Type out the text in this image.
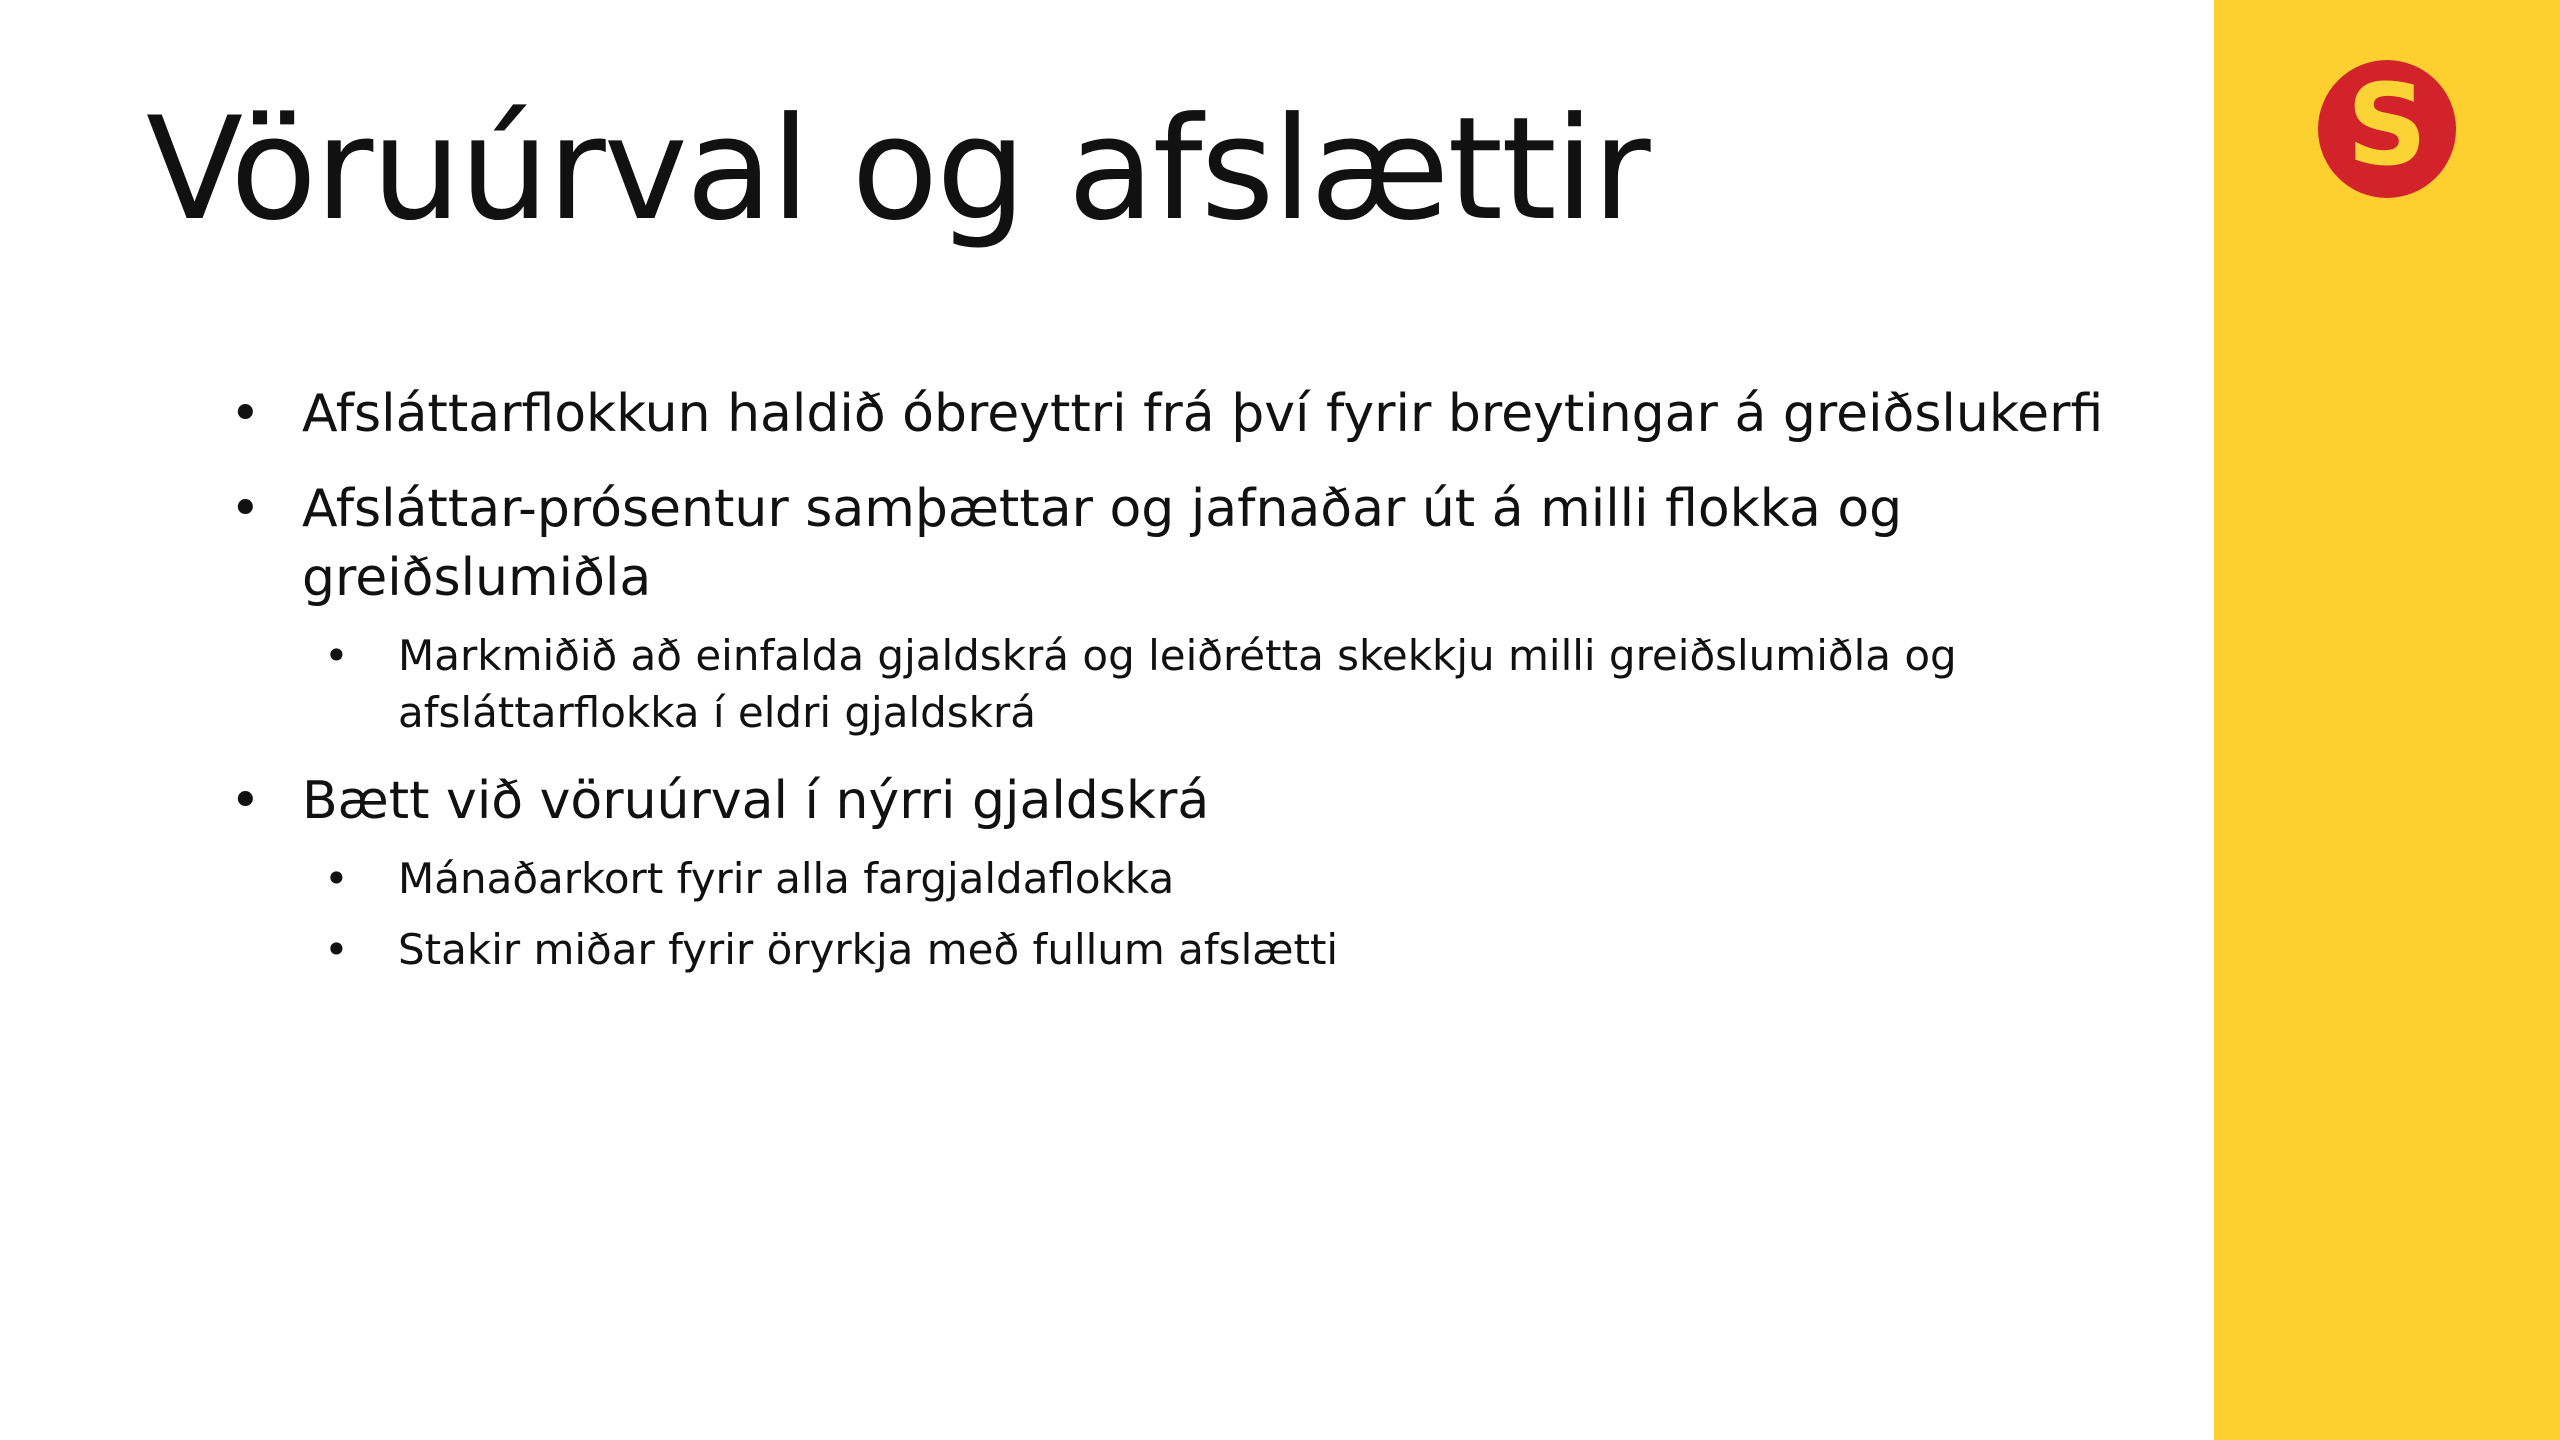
S
Vöruúrval og afslættir
• Afsláttarflokkun haldið óbreyttri frá því fyrir breytingar á greiðslukerfi
• Afsláttar-prósentur samþættar og jafnaðar út á milli flokka og
greiðslumiðla
• Markmiðið að einfalda gjaldskrá og leiðrétta skekkju milli greiðslumiðla og
afsláttarflokka í eldri gjaldskrá
• Bætt við vöruúrval í nýrri gjaldskrá
• Mánaðarkort fyrir alla fargjaldaflokka
• Stakir miðar fyrir öryrkja með fullum afslætti
